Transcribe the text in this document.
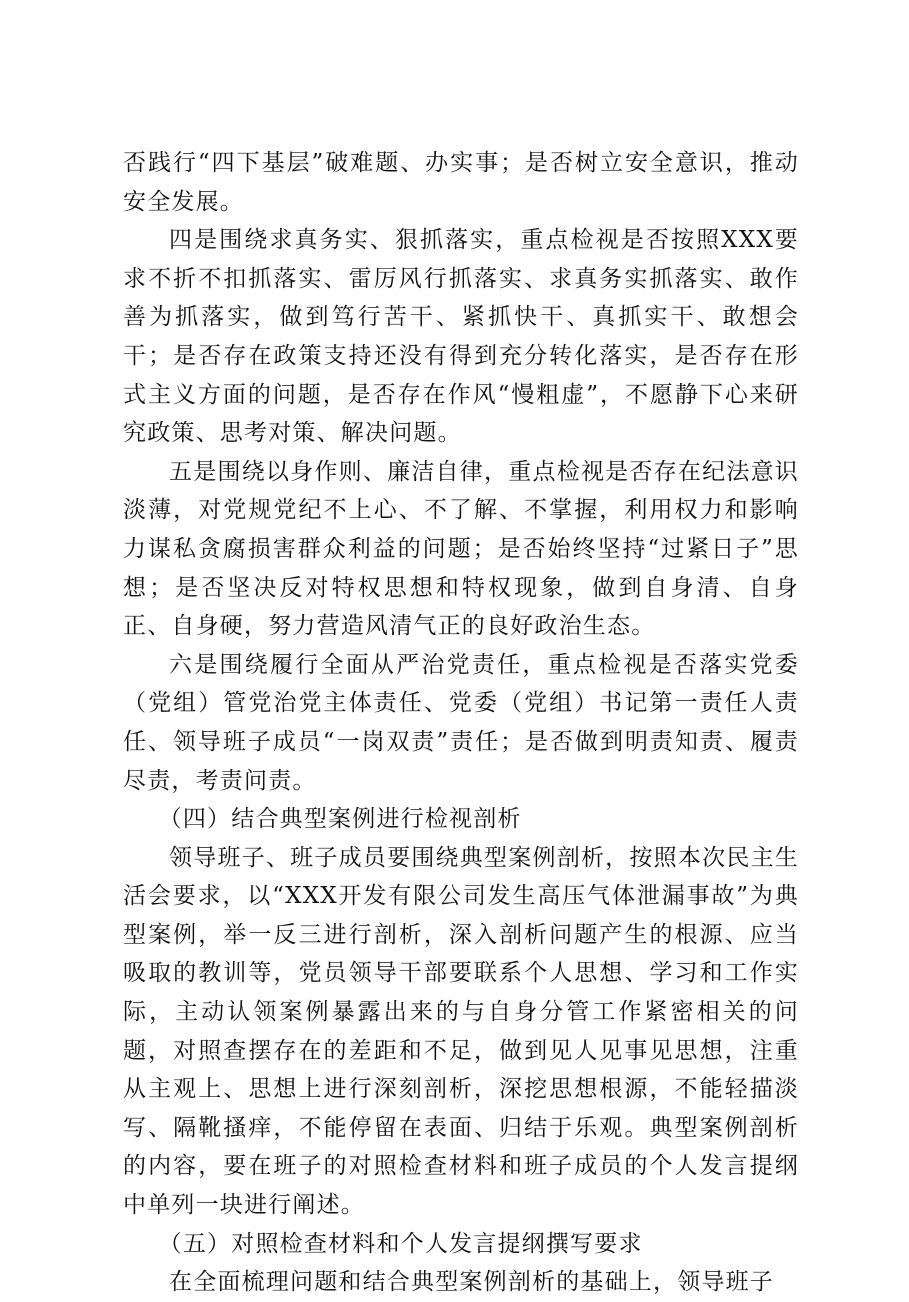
否践行“四下基层”破难题、办实事；是否树立安全意识，推动安全发展。

四是围绕求真务实、狠抓落实，重点检视是否按照XXX要求不折不扣抓落实、雷厉风行抓落实、求真务实抓落实、敢作善为抓落实，做到笃行苦干、紧抓快干、真抓实干、敢想会干；是否存在政策支持还没有得到充分转化落实，是否存在形式主义方面的问题，是否存在作风“慢粗虚”，不愿静下心来研究政策、思考对策、解决问题。

五是围绕以身作则、廉洁自律，重点检视是否存在纪法意识淡薄，对党规党纪不上心、不了解、不掌握，利用权力和影响力谋私贪腐损害群众利益的问题；是否始终坚持“过紧日子”思想；是否坚决反对特权思想和特权现象，做到自身清、自身正、自身硬，努力营造风清气正的良好政治生态。

六是围绕履行全面从严治党责任，重点检视是否落实党委（党组）管党治党主体责任、党委（党组）书记第一责任人责任、领导班子成员“一岗双责”责任；是否做到明责知责、履责尽责，考责问责。

（四）结合典型案例进行检视剖析

领导班子、班子成员要围绕典型案例剖析，按照本次民主生活会要求，以“XXX开发有限公司发生高压气体泄漏事故”为典型案例，举一反三进行剖析，深入剖析问题产生的根源、应当吸取的教训等，党员领导干部要联系个人思想、学习和工作实际，主动认领案例暴露出来的与自身分管工作紧密相关的问题，对照查摆存在的差距和不足，做到见人见事见思想，注重从主观上、思想上进行深刻剖析，深挖思想根源，不能轻描淡写、隔靴搔痒，不能停留在表面、归结于乐观。典型案例剖析的内容，要在班子的对照检查材料和班子成员的个人发言提纲中单列一块进行阐述。

（五）对照检查材料和个人发言提纲撰写要求

在全面梳理问题和结合典型案例剖析的基础上，领导班子
